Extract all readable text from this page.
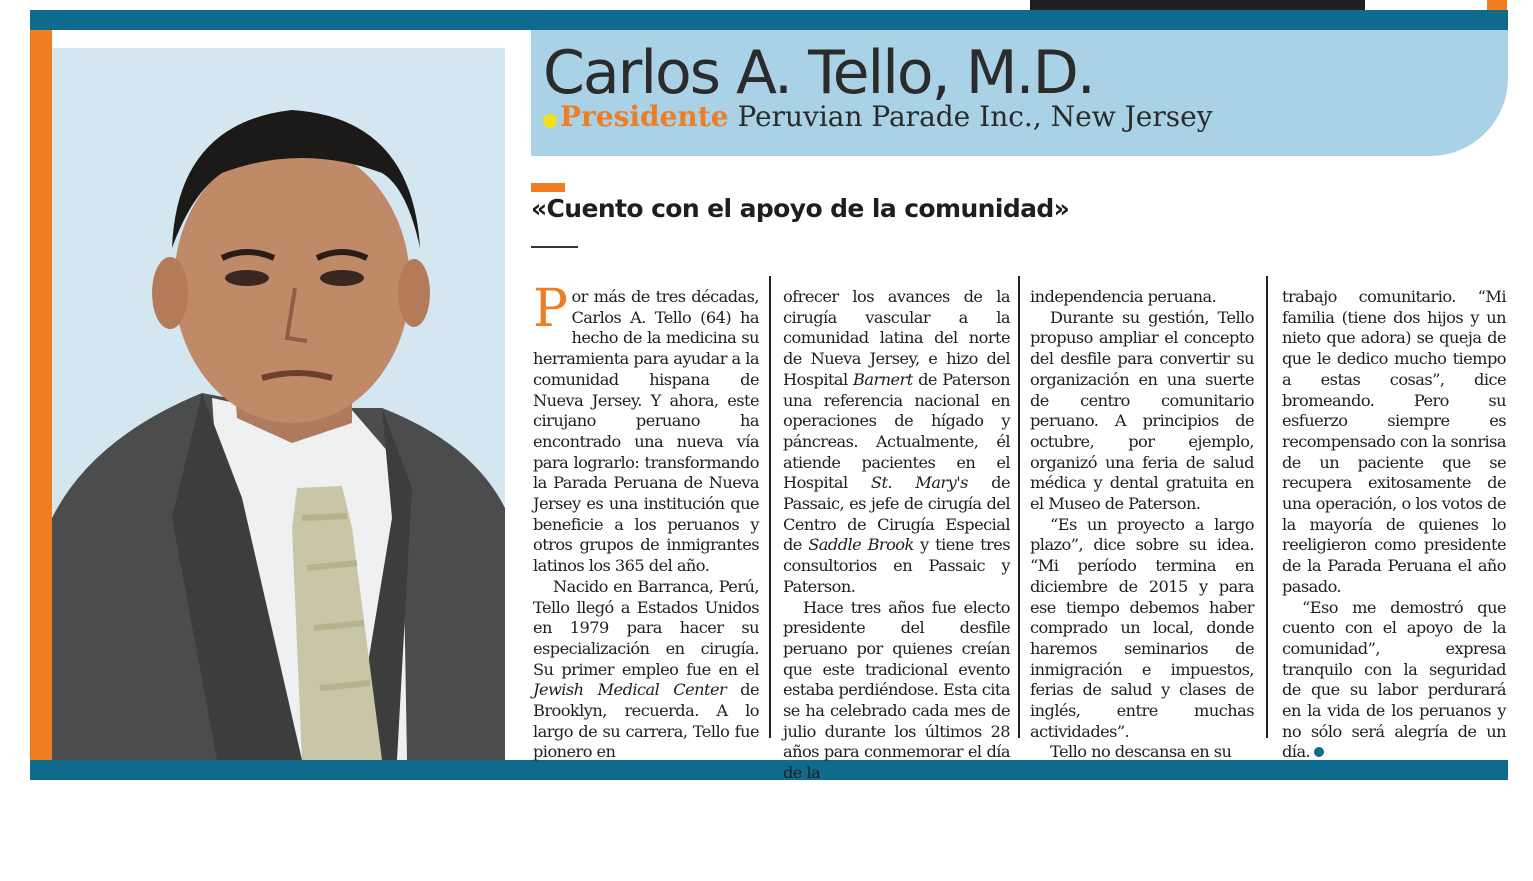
Carlos A. Tello, M.D.
Presidente Peruvian Parade Inc., New Jersey
«Cuento con el apoyo de la comunidad»

Por más de tres décadas, Carlos A. Tello (64) ha hecho de la medicina su herramienta para ayudar a la comunidad hispana de Nueva Jersey. Y ahora, este cirujano peruano ha encontrado una nueva vía para lograrlo: transformando la Parada Peruana de Nueva Jersey es una institución que beneficie a los peruanos y otros grupos de inmigrantes latinos los 365 del año.

Nacido en Barranca, Perú, Tello llegó a Estados Unidos en 1979 para hacer su especialización en cirugía. Su primer empleo fue en el Jewish Medical Center de Brooklyn, recuerda. A lo largo de su carrera, Tello fue pionero en

ofrecer los avances de la cirugía vascular a la comunidad latina del norte de Nueva Jersey, e hizo del Hospital Barnert de Paterson una referencia nacional en operaciones de hígado y páncreas. Actualmente, él atiende pacientes en el Hospital St. Mary's de Passaic, es jefe de cirugía del Centro de Cirugía Especial de Saddle Brook y tiene tres consultorios en Passaic y Paterson.

Hace tres años fue electo presidente del desfile peruano por quienes creían que este tradicional evento estaba perdiéndose. Esta cita se ha celebrado cada mes de julio durante los últimos 28 años para conmemorar el día de la

independencia peruana.

Durante su gestión, Tello propuso ampliar el concepto del desfile para convertir su organización en una suerte de centro comunitario peruano. A principios de octubre, por ejemplo, organizó una feria de salud médica y dental gratuita en el Museo de Paterson.

“Es un proyecto a largo plazo”, dice sobre su idea. “Mi período termina en diciembre de 2015 y para ese tiempo debemos haber comprado un local, donde haremos seminarios de inmigración e impuestos, ferias de salud y clases de inglés, entre muchas actividades”.

Tello no descansa en su

trabajo comunitario. “Mi familia (tiene dos hijos y un nieto que adora) se queja de que le dedico mucho tiempo a estas cosas”, dice bromeando. Pero su esfuerzo siempre es recompensado con la sonrisa de un paciente que se recupera exitosamente de una operación, o los votos de la mayoría de quienes lo reeligieron como presidente de la Parada Peruana el año pasado.

“Eso me demostró que cuento con el apoyo de la comunidad”, expresa tranquilo con la seguridad de que su labor perdurará en la vida de los peruanos y no sólo será alegría de un día.
